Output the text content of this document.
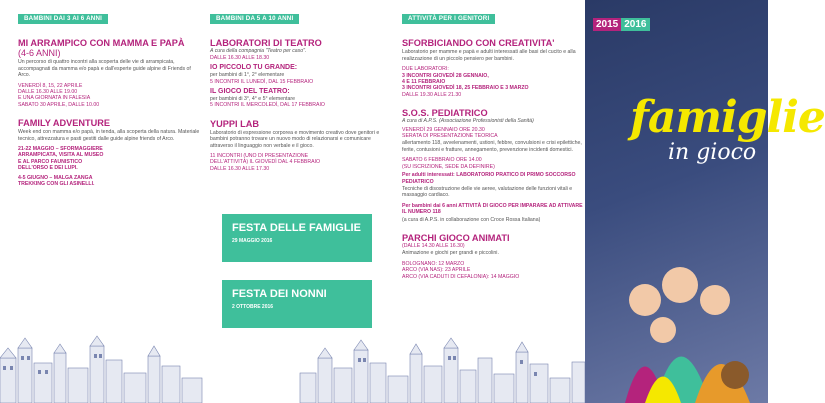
BAMBINI DAI 3 AI 6 ANNI
MI ARRAMPICO CON MAMMA E PAPÀ
(4-6 ANNI)
Un percorso di quattro incontri alla scoperta delle vie di arrampicata, accompagnati da mamma e/o papà e dall'esperte guide alpine di Friends of Arco.
VENERDÌ 8, 15, 22 APRILE
DALLE 16.30 ALLE 19.00
E UNA GIORNATA IN FALESIA
SABATO 30 APRILE, DALLE 10.00
FAMILY ADVENTURE
Week end con mamma e/o papà, in tenda, alla scoperta della natura. Materiale tecnico, attrezzatura e pasti gestiti dalle guide alpine friends of Arco.
21-22 MAGGIO – SFORMAGGIERE
ARRAMPICATA, VISITA AL MUSEO
E AL PARCO FAUNISTICO
DELL'ORSO E DEI LUPI.
4-5 GIUGNO – MALGA ZANGA
TREKKING CON GLI ASINELLI.
BAMBINI DA 5 A 10 ANNI
LABORATORI DI TEATRO
A cura della compagnia "Teatro per caso".
DALLE 16.30 ALLE 18.30
IO PICCOLO TU GRANDE:
per bambini di 1°, 2° elementare
5 INCONTRI IL LUNEDÌ, DAL 15 FEBBRAIO
IL GIOCO DEL TEATRO:
per bambini di 3°, 4° e 5° elementare
5 INCONTRI IL MERCOLEDÌ, DAL 17 FEBBRAIO
YUPPI LAB
Laboratorio di espressione corporea e movimento creativo dove genitori e bambini potranno trovare un nuovo modo di relazionarsi e comunicare attraverso il linguaggio non verbale e il gioco.
11 INCONTRI (UNO DI PRESENTAZIONE
DELL'ATTIVITÀ) IL GIOVEDÌ DAL 4 FEBBRAIO
DALLE 16.30 ALLE 17.30
FESTA DELLE FAMIGLIE
29 MAGGIO 2016
FESTA DEI NONNI
2 OTTOBRE 2016
ATTIVITÀ PER I GENITORI
SFORBICIANDO CON CREATIVITA'
Laboratorio per mamme e papà e adulti interessati alle basi del cucito e alla realizzazione di un piccolo pensiero per bambini.
DUE LABORATORI:
3 INCONTRI GIOVEDÌ 28 GENNAIO,
4 E 11 FEBBRAIO
3 INCONTRI GIOVEDÌ 18, 25 FEBBRAIO E 3 MARZO
DALLE 19.30 ALLE 21.30
S.O.S. PEDIATRICO
A cura di A.P.S. (Associazione Professionisti della Sanità)
VENERDÌ 29 GENNAIO ORE 20.30
SERATA DI PRESENTAZIONE TEORICA
allertamento 118, avvelenamenti, ustioni, febbre, convulsioni e crisi epilettiche, ferite, contusioni e fratture, annegamento, prevenzione incidenti domestici.
SABATO 6 FEBBRAIO ORE 14.00
(SU ISCRIZIONE, SEDE DA DEFINIRE)
Per adulti interessati: LABORATORIO PRATICO DI PRIMO SOCCORSO PEDIATRICO
Tecniche di disostruzione delle vie aeree, valutazione delle funzioni vitali e massaggio cardiaco.
Per bambini dai 6 anni ATTIVITÀ DI GIOCO PER IMPARARE AD ATTIVARE IL NUMERO 118
(a cura di A.P.S. in collaborazione con Croce Rossa Italiana)
PARCHI GIOCO ANIMATI
(DALLE 14.30 ALLE 16.30)
Animazione e giochi per grandi e piccolini.
BOLOGNANO: 12 MARZO
ARCO (VIA NAS): 23 APRILE
ARCO (VIA CADUTI DI CEFALONIA): 14 MAGGIO
2015 2016
famiglie
in gioco
